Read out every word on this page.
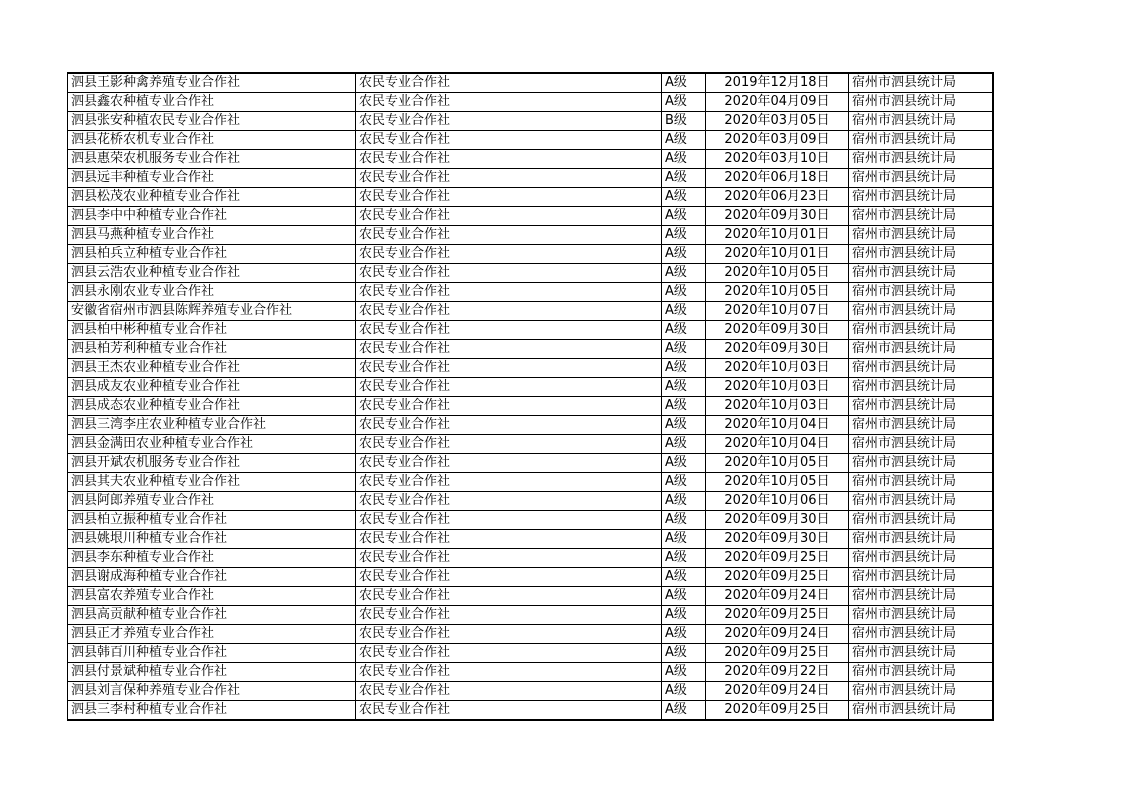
泗县王影种禽养殖专业合作社	农民专业合作社	A级	2019年12月18日	宿州市泗县统计局
泗县鑫农种植专业合作社	农民专业合作社	A级	2020年04月09日	宿州市泗县统计局
泗县张安种植农民专业合作社	农民专业合作社	B级	2020年03月05日	宿州市泗县统计局
泗县花桥农机专业合作社	农民专业合作社	A级	2020年03月09日	宿州市泗县统计局
泗县惠荣农机服务专业合作社	农民专业合作社	A级	2020年03月10日	宿州市泗县统计局
泗县远丰种植专业合作社	农民专业合作社	A级	2020年06月18日	宿州市泗县统计局
泗县松茂农业种植专业合作社	农民专业合作社	A级	2020年06月23日	宿州市泗县统计局
泗县李中中种植专业合作社	农民专业合作社	A级	2020年09月30日	宿州市泗县统计局
泗县马燕种植专业合作社	农民专业合作社	A级	2020年10月01日	宿州市泗县统计局
泗县柏兵立种植专业合作社	农民专业合作社	A级	2020年10月01日	宿州市泗县统计局
泗县云浩农业种植专业合作社	农民专业合作社	A级	2020年10月05日	宿州市泗县统计局
泗县永刚农业专业合作社	农民专业合作社	A级	2020年10月05日	宿州市泗县统计局
安徽省宿州市泗县陈辉养殖专业合作社	农民专业合作社	A级	2020年10月07日	宿州市泗县统计局
泗县柏中彬种植专业合作社	农民专业合作社	A级	2020年09月30日	宿州市泗县统计局
泗县柏芳利种植专业合作社	农民专业合作社	A级	2020年09月30日	宿州市泗县统计局
泗县王杰农业种植专业合作社	农民专业合作社	A级	2020年10月03日	宿州市泗县统计局
泗县成友农业种植专业合作社	农民专业合作社	A级	2020年10月03日	宿州市泗县统计局
泗县成态农业种植专业合作社	农民专业合作社	A级	2020年10月03日	宿州市泗县统计局
泗县三湾李庄农业种植专业合作社	农民专业合作社	A级	2020年10月04日	宿州市泗县统计局
泗县金满田农业种植专业合作社	农民专业合作社	A级	2020年10月04日	宿州市泗县统计局
泗县开斌农机服务专业合作社	农民专业合作社	A级	2020年10月05日	宿州市泗县统计局
泗县其夫农业种植专业合作社	农民专业合作社	A级	2020年10月05日	宿州市泗县统计局
泗县阿郎养殖专业合作社	农民专业合作社	A级	2020年10月06日	宿州市泗县统计局
泗县柏立振种植专业合作社	农民专业合作社	A级	2020年09月30日	宿州市泗县统计局
泗县姚垠川种植专业合作社	农民专业合作社	A级	2020年09月30日	宿州市泗县统计局
泗县李东种植专业合作社	农民专业合作社	A级	2020年09月25日	宿州市泗县统计局
泗县谢成海种植专业合作社	农民专业合作社	A级	2020年09月25日	宿州市泗县统计局
泗县富农养殖专业合作社	农民专业合作社	A级	2020年09月24日	宿州市泗县统计局
泗县高贡献种植专业合作社	农民专业合作社	A级	2020年09月25日	宿州市泗县统计局
泗县正才养殖专业合作社	农民专业合作社	A级	2020年09月24日	宿州市泗县统计局
泗县韩百川种植专业合作社	农民专业合作社	A级	2020年09月25日	宿州市泗县统计局
泗县付景斌种植专业合作社	农民专业合作社	A级	2020年09月22日	宿州市泗县统计局
泗县刘言保种养殖专业合作社	农民专业合作社	A级	2020年09月24日	宿州市泗县统计局
泗县三李村种植专业合作社	农民专业合作社	A级	2020年09月25日	宿州市泗县统计局
